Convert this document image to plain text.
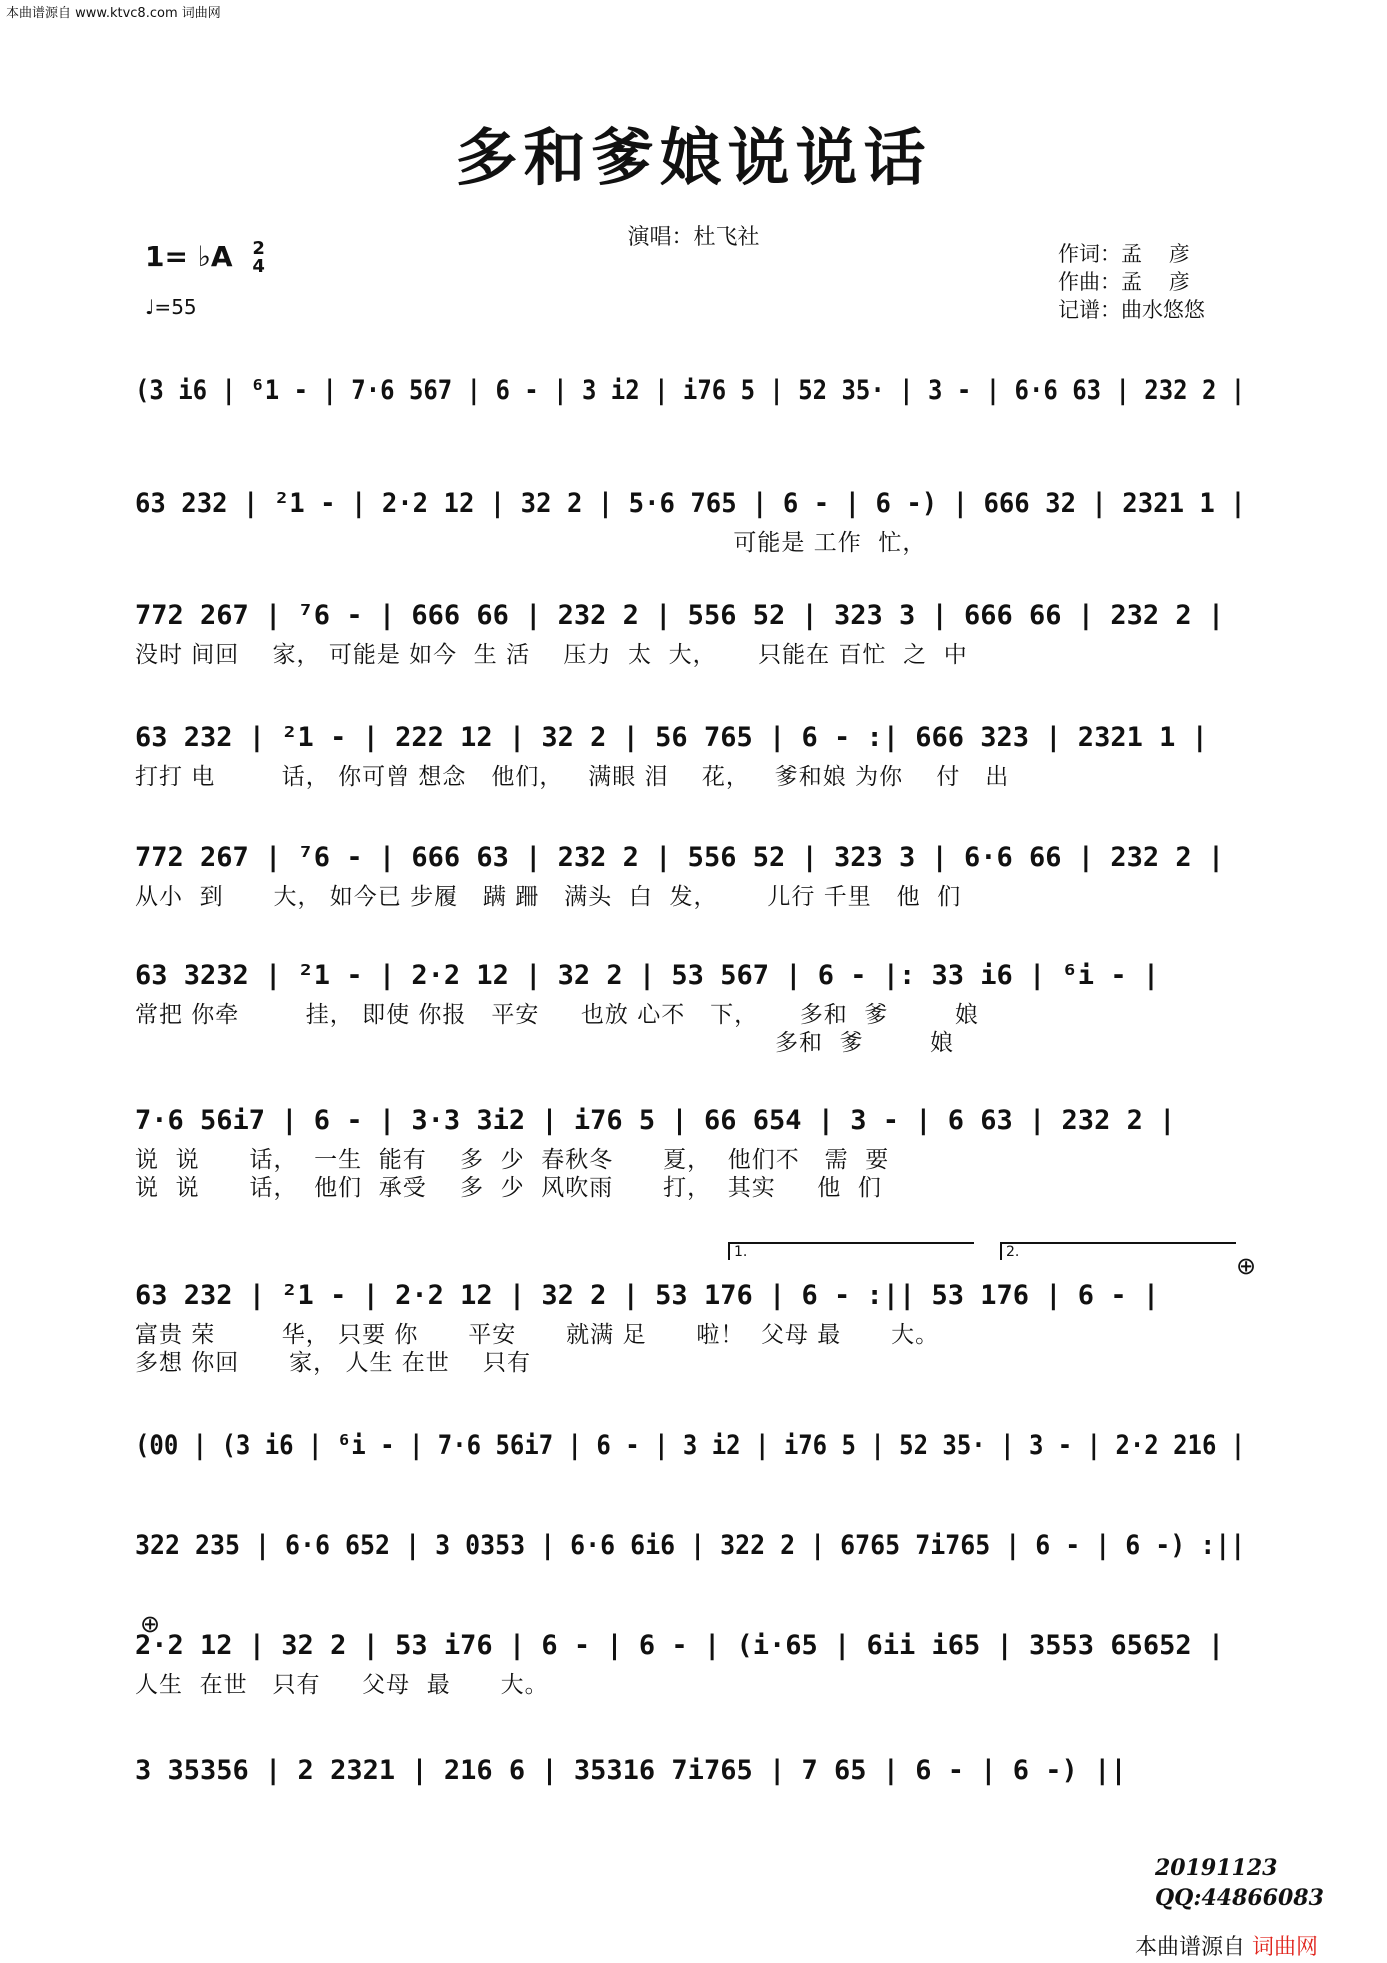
本曲谱源自 www.ktvc8.com 词曲网
多和爹娘说说话
演唱：杜飞社
1= ♭A 2
4
♩=55
作词：孟    彦
作曲：孟    彦
记谱：曲水悠悠
(3 i6 | ⁶1 - | 7·6 567 | 6 - | 3 i2 | i76 5 | 52 35· | 3 - | 6·6 63 | 232 2 |
63 232 | ²1 - | 2·2 12 | 32 2 | 5·6 765 | 6 - | 6 -) | 666 32 | 2321 1 |
可能是 工作  忙，
772 267 | ⁷6 - | 666 66 | 232 2 | 556 52 | 323 3 | 666 66 | 232 2 |
没时 间回    家， 可能是 如今  生 活    压力  太  大，     只能在 百忙  之  中
63 232 | ²1 - | 222 12 | 32 2 | 56 765 | 6 - :| 666 323 | 2321 1 |
打打 电        话， 你可曾 想念   他们，   满眼 泪    花，   爹和娘 为你    付   出
772 267 | ⁷6 - | 666 63 | 232 2 | 556 52 | 323 3 | 6·6 66 | 232 2 |
从小  到      大， 如今已 步履   蹒 跚   满头  白  发，      儿行 千里   他  们
63 3232 | ²1 - | 2·2 12 | 32 2 | 53 567 | 6 - |: 33 i6 | ⁶i - |
常把 你牵        挂， 即使 你报   平安     也放 心不   下，     多和  爹        娘
多和  爹        娘
7·6 56i7 | 6 - | 3·3 3i2 | i76 5 | 66 654 | 3 - | 6 63 | 232 2 |
说  说      话，  一生  能有    多  少  春秋冬      夏，  他们不   需  要
说  说      话，  他们  承受    多  少  风吹雨      打，  其实     他  们
63 232 | ²1 - | 2·2 12 | 32 2 | 53 176 | 6 - :|| 53 176 | 6 - |
富贵 荣        华， 只要 你      平安      就满 足      啦！  父母 最      大。
多想 你回      家， 人生 在世    只有
(00 | (3 i6 | ⁶i - | 7·6 56i7 | 6 - | 3 i2 | i76 5 | 52 35· | 3 - | 2·2 216 |
322 235 | 6·6 652 | 3 0353 | 6·6 6i6 | 322 2 | 6765 7i765 | 6 - | 6 -) :||
2·2 12 | 32 2 | 53 i76 | 6 - | 6 - | (i·65 | 6ii i65 | 3553 65652 |
人生  在世   只有     父母  最      大。
3 35356 | 2 2321 | 216 6 | 35316 7i765 | 7 65 | 6 - | 6 -) ||
1.	2.	⊕
⊕
20191123
QQ:44866083
本曲谱源自 词曲网
